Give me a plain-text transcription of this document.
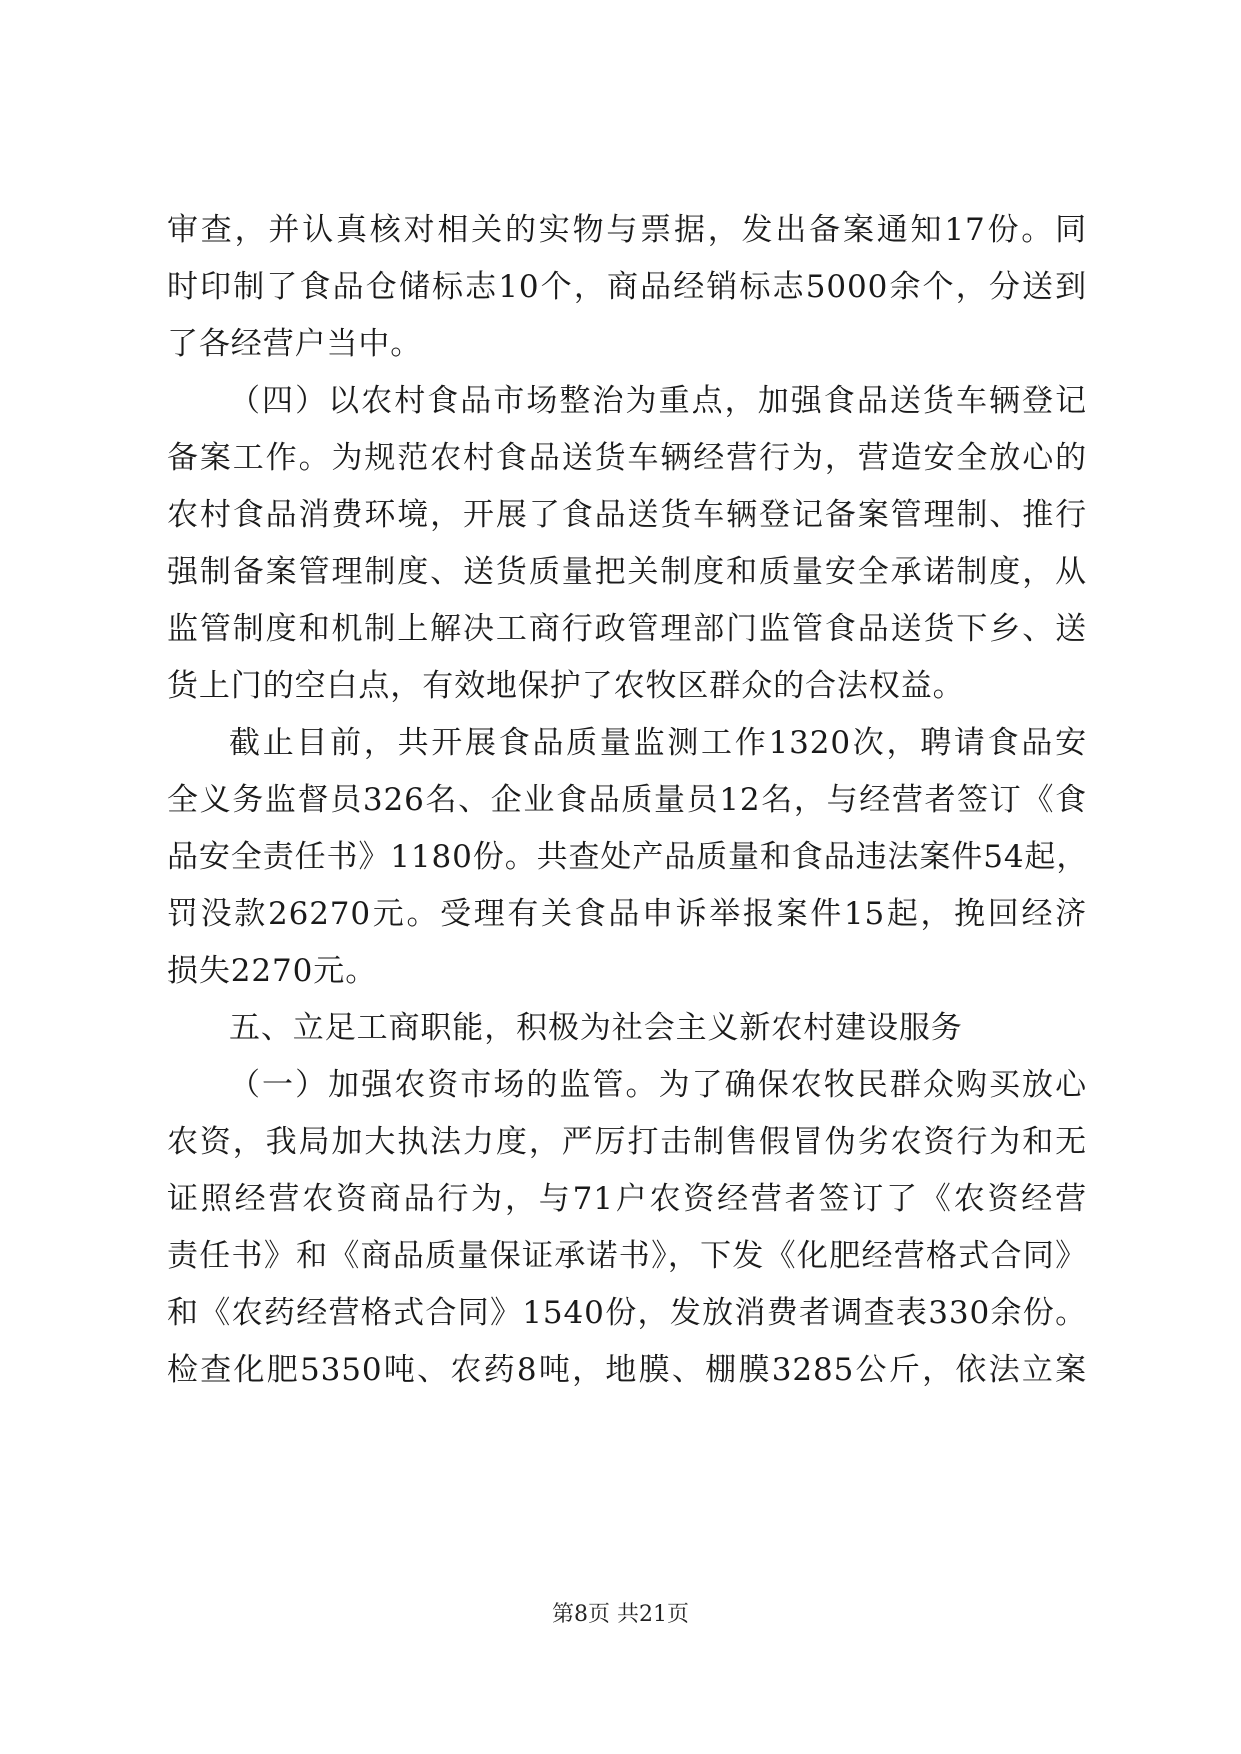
审查，并认真核对相关的实物与票据，发出备案通知17份。同
时印制了食品仓储标志10个，商品经销标志5000余个，分送到
了各经营户当中。
（四）以农村食品市场整治为重点，加强食品送货车辆登记
备案工作。为规范农村食品送货车辆经营行为，营造安全放心的
农村食品消费环境，开展了食品送货车辆登记备案管理制、推行
强制备案管理制度、送货质量把关制度和质量安全承诺制度，从
监管制度和机制上解决工商行政管理部门监管食品送货下乡、送
货上门的空白点，有效地保护了农牧区群众的合法权益。
截止目前，共开展食品质量监测工作1320次，聘请食品安
全义务监督员326名、企业食品质量员12名，与经营者签订《食
品安全责任书》1180份。共查处产品质量和食品违法案件54起，
罚没款26270元。受理有关食品申诉举报案件15起，挽回经济
损失2270元。
五、立足工商职能，积极为社会主义新农村建设服务
（一）加强农资市场的监管。为了确保农牧民群众购买放心
农资，我局加大执法力度，严厉打击制售假冒伪劣农资行为和无
证照经营农资商品行为，与71户农资经营者签订了《农资经营
责任书》和《商品质量保证承诺书》，下发《化肥经营格式合同》
和《农药经营格式合同》1540份，发放消费者调查表330余份。
检查化肥5350吨、农药8吨，地膜、棚膜3285公斤，依法立案
第8页 共21页
